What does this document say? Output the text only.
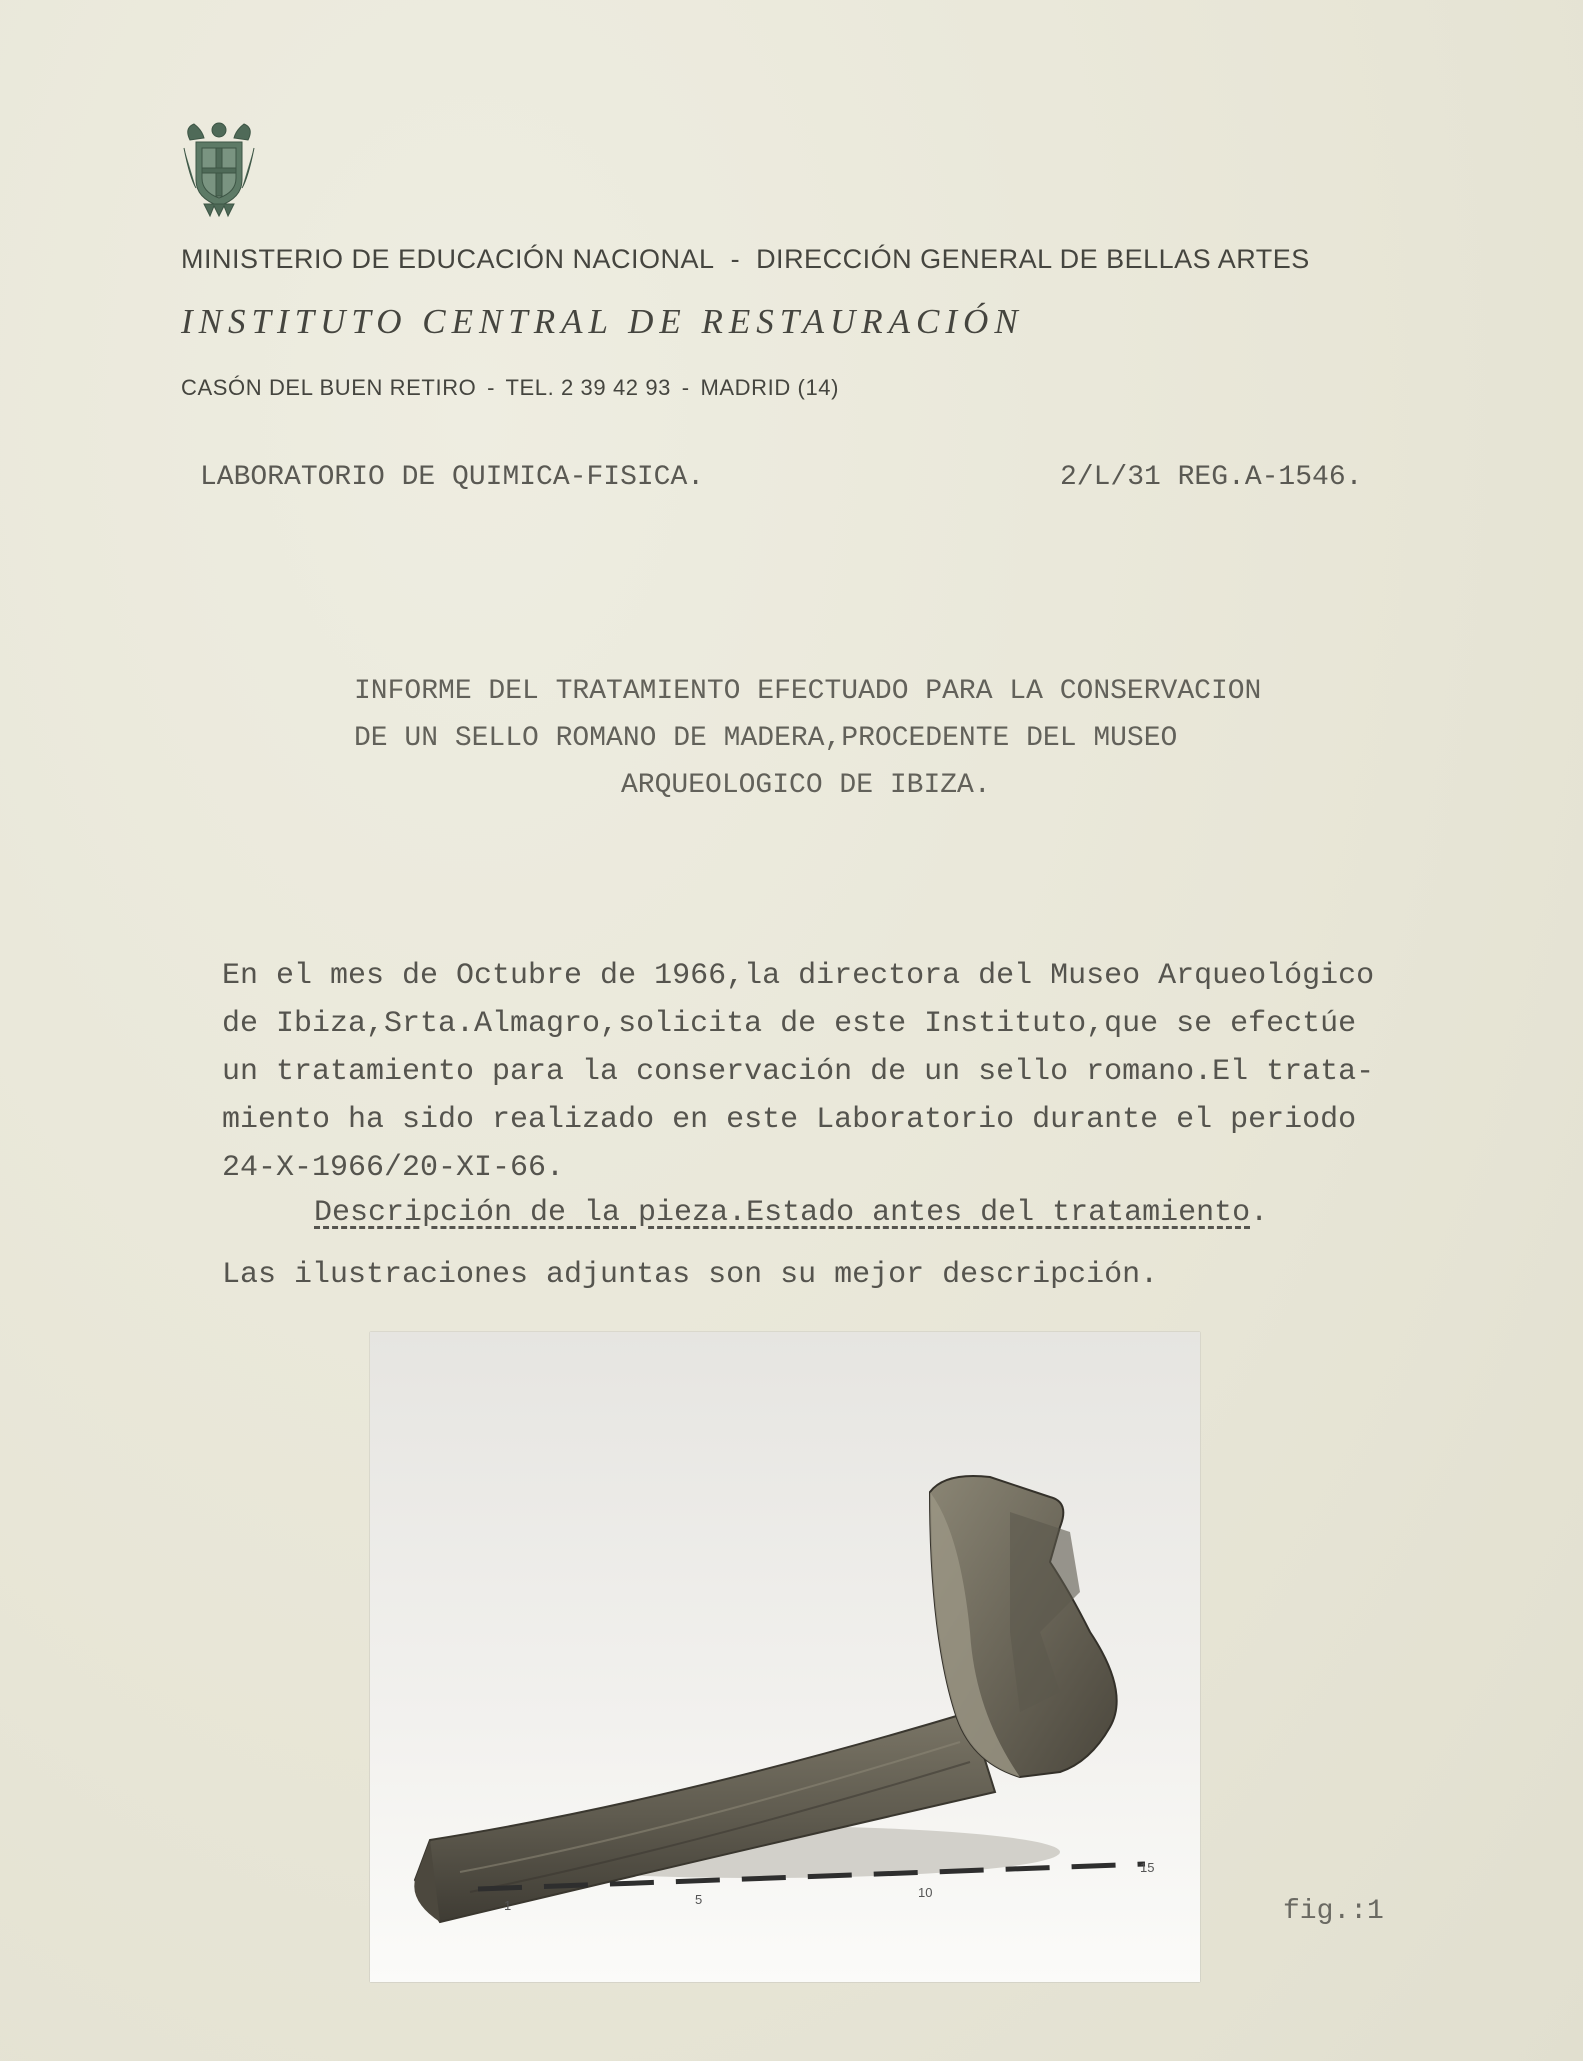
MINISTERIO DE EDUCACIÓN NACIONAL - DIRECCIÓN GENERAL DE BELLAS ARTES
INSTITUTO CENTRAL DE RESTAURACIÓN
CASÓN DEL BUEN RETIRO - TEL. 2 39 42 93 - MADRID (14)
LABORATORIO DE QUIMICA-FISICA.	2/L/31 REG.A-1546.
INFORME DEL TRATAMIENTO EFECTUADO PARA LA CONSERVACION
DE UN SELLO ROMANO DE MADERA,PROCEDENTE DEL MUSEO
ARQUEOLOGICO DE IBIZA.
En el mes de Octubre de 1966,la directora del Museo Arqueológico
de Ibiza,Srta.Almagro,solicita de este Instituto,que se efectúe
un tratamiento para la conservación de un sello romano.El trata-
miento ha sido realizado en este Laboratorio durante el periodo
24-X-1966/20-XI-66.
Descripción de la pieza.Estado antes del tratamiento.
Las ilustraciones adjuntas son su mejor descripción.
1	5	10
15
fig.:1
